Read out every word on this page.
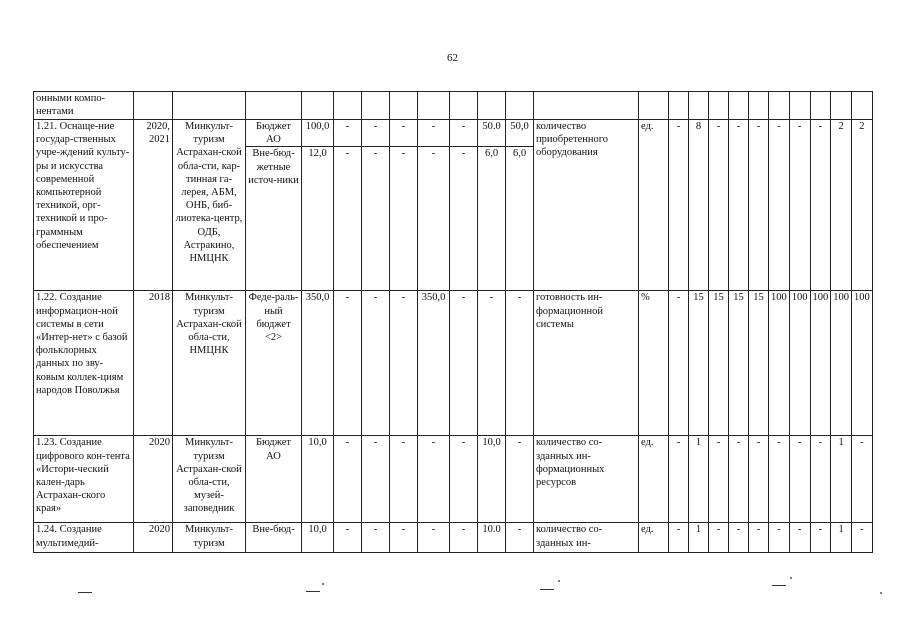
62
онными компо-нентами																							
1.21. Оснаще-ние государ-ственных учре-ждений культу-ры и искусства современной компьютерной техникой, орг-техникой и про-граммным обеспечением	2020, 2021	Минкульт-туризм Астрахан-ской обла-сти, кар-тинная га-лерея, АБМ, ОНБ, биб-лиотека-центр, ОДБ, Астракино, НМЦНК	Бюджет АО	100,0	-	-	-	-	-	50.0	50,0	количество приобретенного оборудования	ед.	-	8	-	-	-	-	-	-	2	2
			Вне-бюд-жетные источ-ники	12,0	-	-	-	-	-	6,0	6,0												
1.22. Создание информацион-ной системы в сети «Интер-нет» с базой фольклорных данных по зву-ковым коллек-циям народов Поволжья	2018	Минкульт-туризм Астрахан-ской обла-сти, НМЦНК	Феде-раль-ный бюджет <2>	350,0	-	-	-	350,0	-	-	-	готовность ин-формационной системы	%	-	15	15	15	15	100	100	100	100	100
1.23. Создание цифрового кон-тента «Истори-ческий кален-дарь Астрахан-ского края»	2020	Минкульт-туризм Астрахан-ской обла-сти, музей-заповедник	Бюджет АО	10,0	-	-	-	-	-	10,0	-	количество со-зданных ин-формационных ресурсов	ед.	-	1	-	-	-	-	-	-	1	-
1.24. Создание мультимедий-	2020	Минкульт-туризм	Вне-бюд-	10,0	-	-	-	-	-	10.0	-	количество со-зданных ин-	ед.	-	1	-	-	-	-	-	-	1	-
